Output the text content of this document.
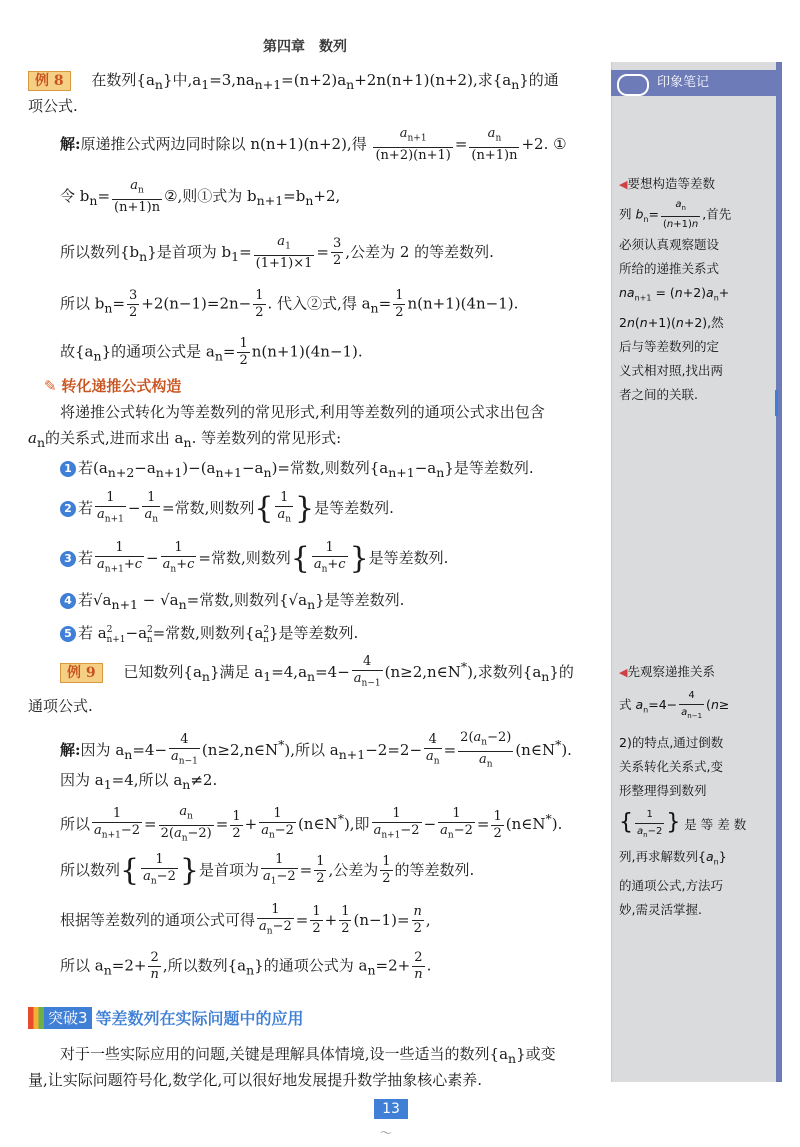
第四章　数列
印象笔记

◀要想构造等差数

列 $b_n= \frac{a_n}{(n+1)n}$ ,首先

必须认真观察题设

所给的递推关系式

$na_{n+1} = (n+2)a_n+$

2n(n+1)(n+2),然

后与等差数列的定

义式相对照,找出两

者之间的关联.

◀先观察递推关系

式 $a_n=4- \frac{4}{a_{n-1}} (n\ge$

2)的特点,通过倒数

关系转化关系式,变

形整理得到数列

{ $\frac{1}{a_n-2}$ } 是 等 差 数

列,再求解数列$\{a_n\}$

的通项公式,方法巧

妙,需灵活掌握.

例 8 在数列$\{a_n\}$中$,a_1=3,na_{n+1}=(n+2)a_n+2n(n+1)(n+2)$,求$\{a_n\}$的通
项公式.
解:原递推公式两边同时除以 n(n+1)(n+2),得 $\frac{a_{n+1}}{(n+2)(n+1)} = \frac{a_n}{(n+1)n} +2$. ①
令 $b_n= \frac{a_n}{(n+1)n}$ ②,则①式为 $b_{n+1}=b_n+2$,
所以数列$\{b_n\}$是首项为 $b_1= \frac{a_1}{(1+1)\times 1} = \frac{3}{2}$ ,公差为 2 的等差数列.
所以 $b_n= \frac{3}{2} +2(n-1)=2n- \frac{1}{2}$ . 代入②式,得 $a_n= \frac{1}{2} n(n+1)(4n-1)$.
故$\{a_n\}$的通项公式是 $a_n= \frac{1}{2} n(n+1)(4n-1)$.
✎ 转化递推公式构造
将递推公式转化为等差数列的常见形式,利用等差数列的通项公式求出包含
$a_n$的关系式,进而求出 $a_n$. 等差数列的常见形式:
1 若$(a_{n+2}-a_{n+1})-(a_{n+1}-a_n)=$常数,则数列$\{a_{n+1}-a_n\}$是等差数列.
2 若 $\frac{1}{a_{n+1}} - \frac{1}{a_n}$ =常数,则数列{ $\frac{1}{a_n}$ }是等差数列.
3 若 $\frac{1}{a_{n+1}+c} - \frac{1}{a_n+c}$ =常数,则数列{ $\frac{1}{a_n+c}$ }是等差数列.
4 若$√a_{n+1} - √a_n=$常数,则数列$\{√a_n\}$是等差数列.
5 若 $a^2_{n+1}-a^2_n=$常数,则数列$\{a^2_n\}$是等差数列.
例 9 已知数列$\{a_n\}$满足 $a_1=4,a_n=4- \frac{4}{a_{n-1}}$ (n≥2,n∈N*),求数列$\{a_n\}$的
通项公式.
解:因为 $a_n=4- \frac{4}{a_{n-1}}$ (n≥2,n∈N*),所以 $a_{n+1}-2=2- \frac{4}{a_n} = \frac{2(a_n-2)}{a_n}$ (n∈N*).
因为 $a_1=4$,所以 $a_n\ne 2$.
所以 $\frac{1}{a_{n+1}-2} = \frac{a_n}{2(a_n-2)} = \frac{1}{2} + \frac{1}{a_n-2}$ (n∈N*),即 $\frac{1}{a_{n+1}-2} - \frac{1}{a_n-2} = \frac{1}{2}$ (n∈N*).
所以数列{ $\frac{1}{a_n-2}$ }是首项为 $\frac{1}{a_1-2} = \frac{1}{2}$ ,公差为 $\frac{1}{2}$ 的等差数列.
根据等差数列的通项公式可得 $\frac{1}{a_n-2} = \frac{1}{2} + \frac{1}{2} (n-1)= \frac{n}{2}$ ,
所以 $a_n=2+ \frac{2}{n}$ ,所以数列$\{a_n\}$的通项公式为 $a_n=2+ \frac{2}{n}$ .
突破3 等差数列在实际问题中的应用
对于一些实际应用的问题,关键是理解具体情境,设一些适当的数列$\{a_n\}$或变
量,让实际问题符号化,数学化,可以很好地发展提升数学抽象核心素养.
13
〜
